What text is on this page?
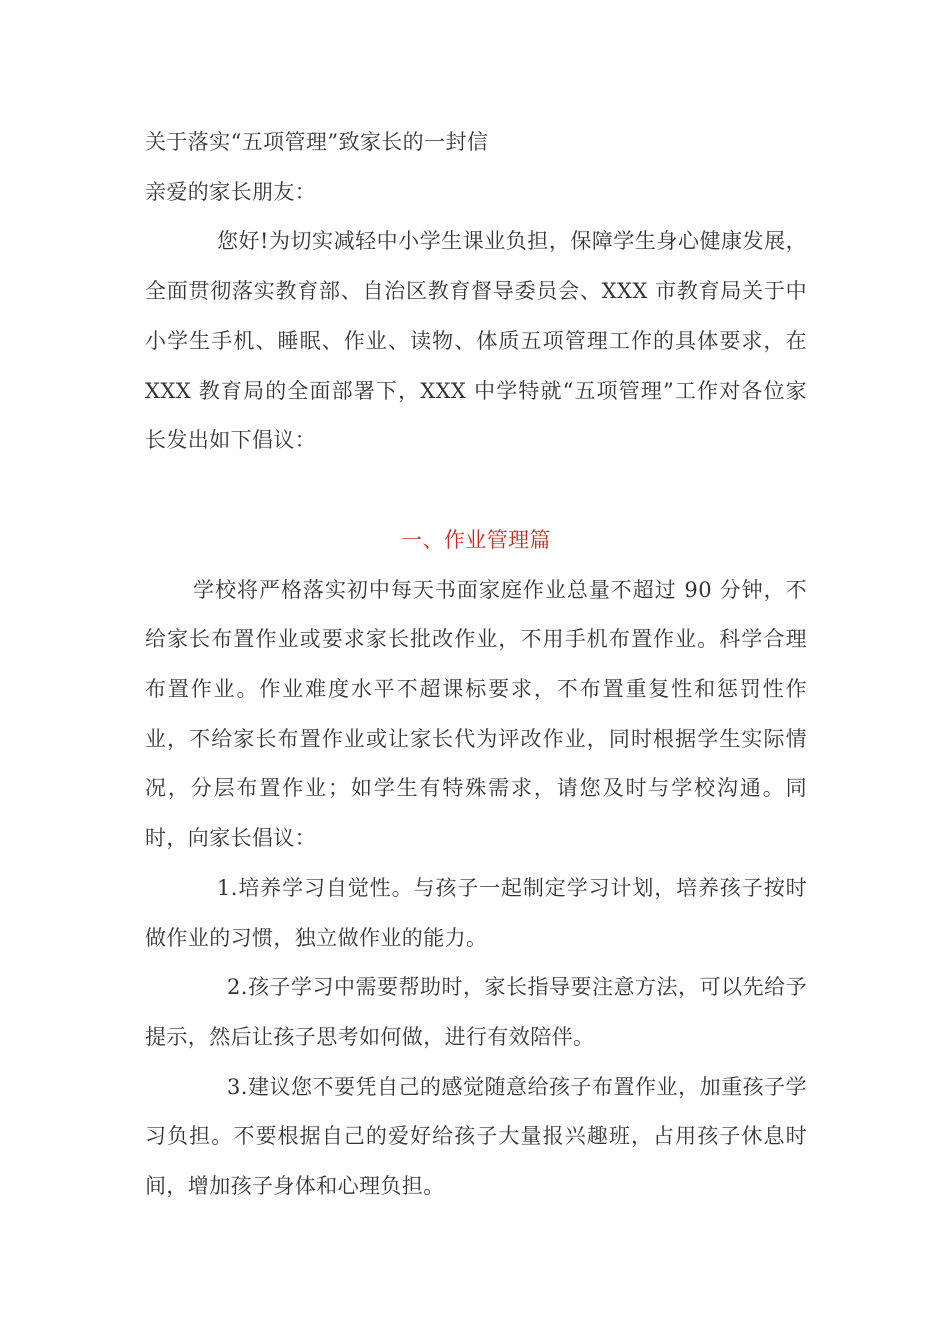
关于落实“五项管理”致家长的一封信

亲爱的家长朋友：

您好!为切实减轻中小学生课业负担，保障学生身心健康发展，全面贯彻落实教育部、自治区教育督导委员会、XXX 市教育局关于中小学生手机、睡眠、作业、读物、体质五项管理工作的具体要求，在 XXX 教育局的全面部署下，XXX 中学特就“五项管理”工作对各位家长发出如下倡议：

一、作业管理篇

学校将严格落实初中每天书面家庭作业总量不超过 90 分钟，不给家长布置作业或要求家长批改作业，不用手机布置作业。科学合理布置作业。作业难度水平不超课标要求，不布置重复性和惩罚性作业，不给家长布置作业或让家长代为评改作业，同时根据学生实际情况，分层布置作业；如学生有特殊需求，请您及时与学校沟通。同时，向家长倡议：

1.培养学习自觉性。与孩子一起制定学习计划，培养孩子按时做作业的习惯，独立做作业的能力。

2.孩子学习中需要帮助时，家长指导要注意方法，可以先给予提示，然后让孩子思考如何做，进行有效陪伴。

3.建议您不要凭自己的感觉随意给孩子布置作业，加重孩子学习负担。不要根据自己的爱好给孩子大量报兴趣班，占用孩子休息时间，增加孩子身体和心理负担。
